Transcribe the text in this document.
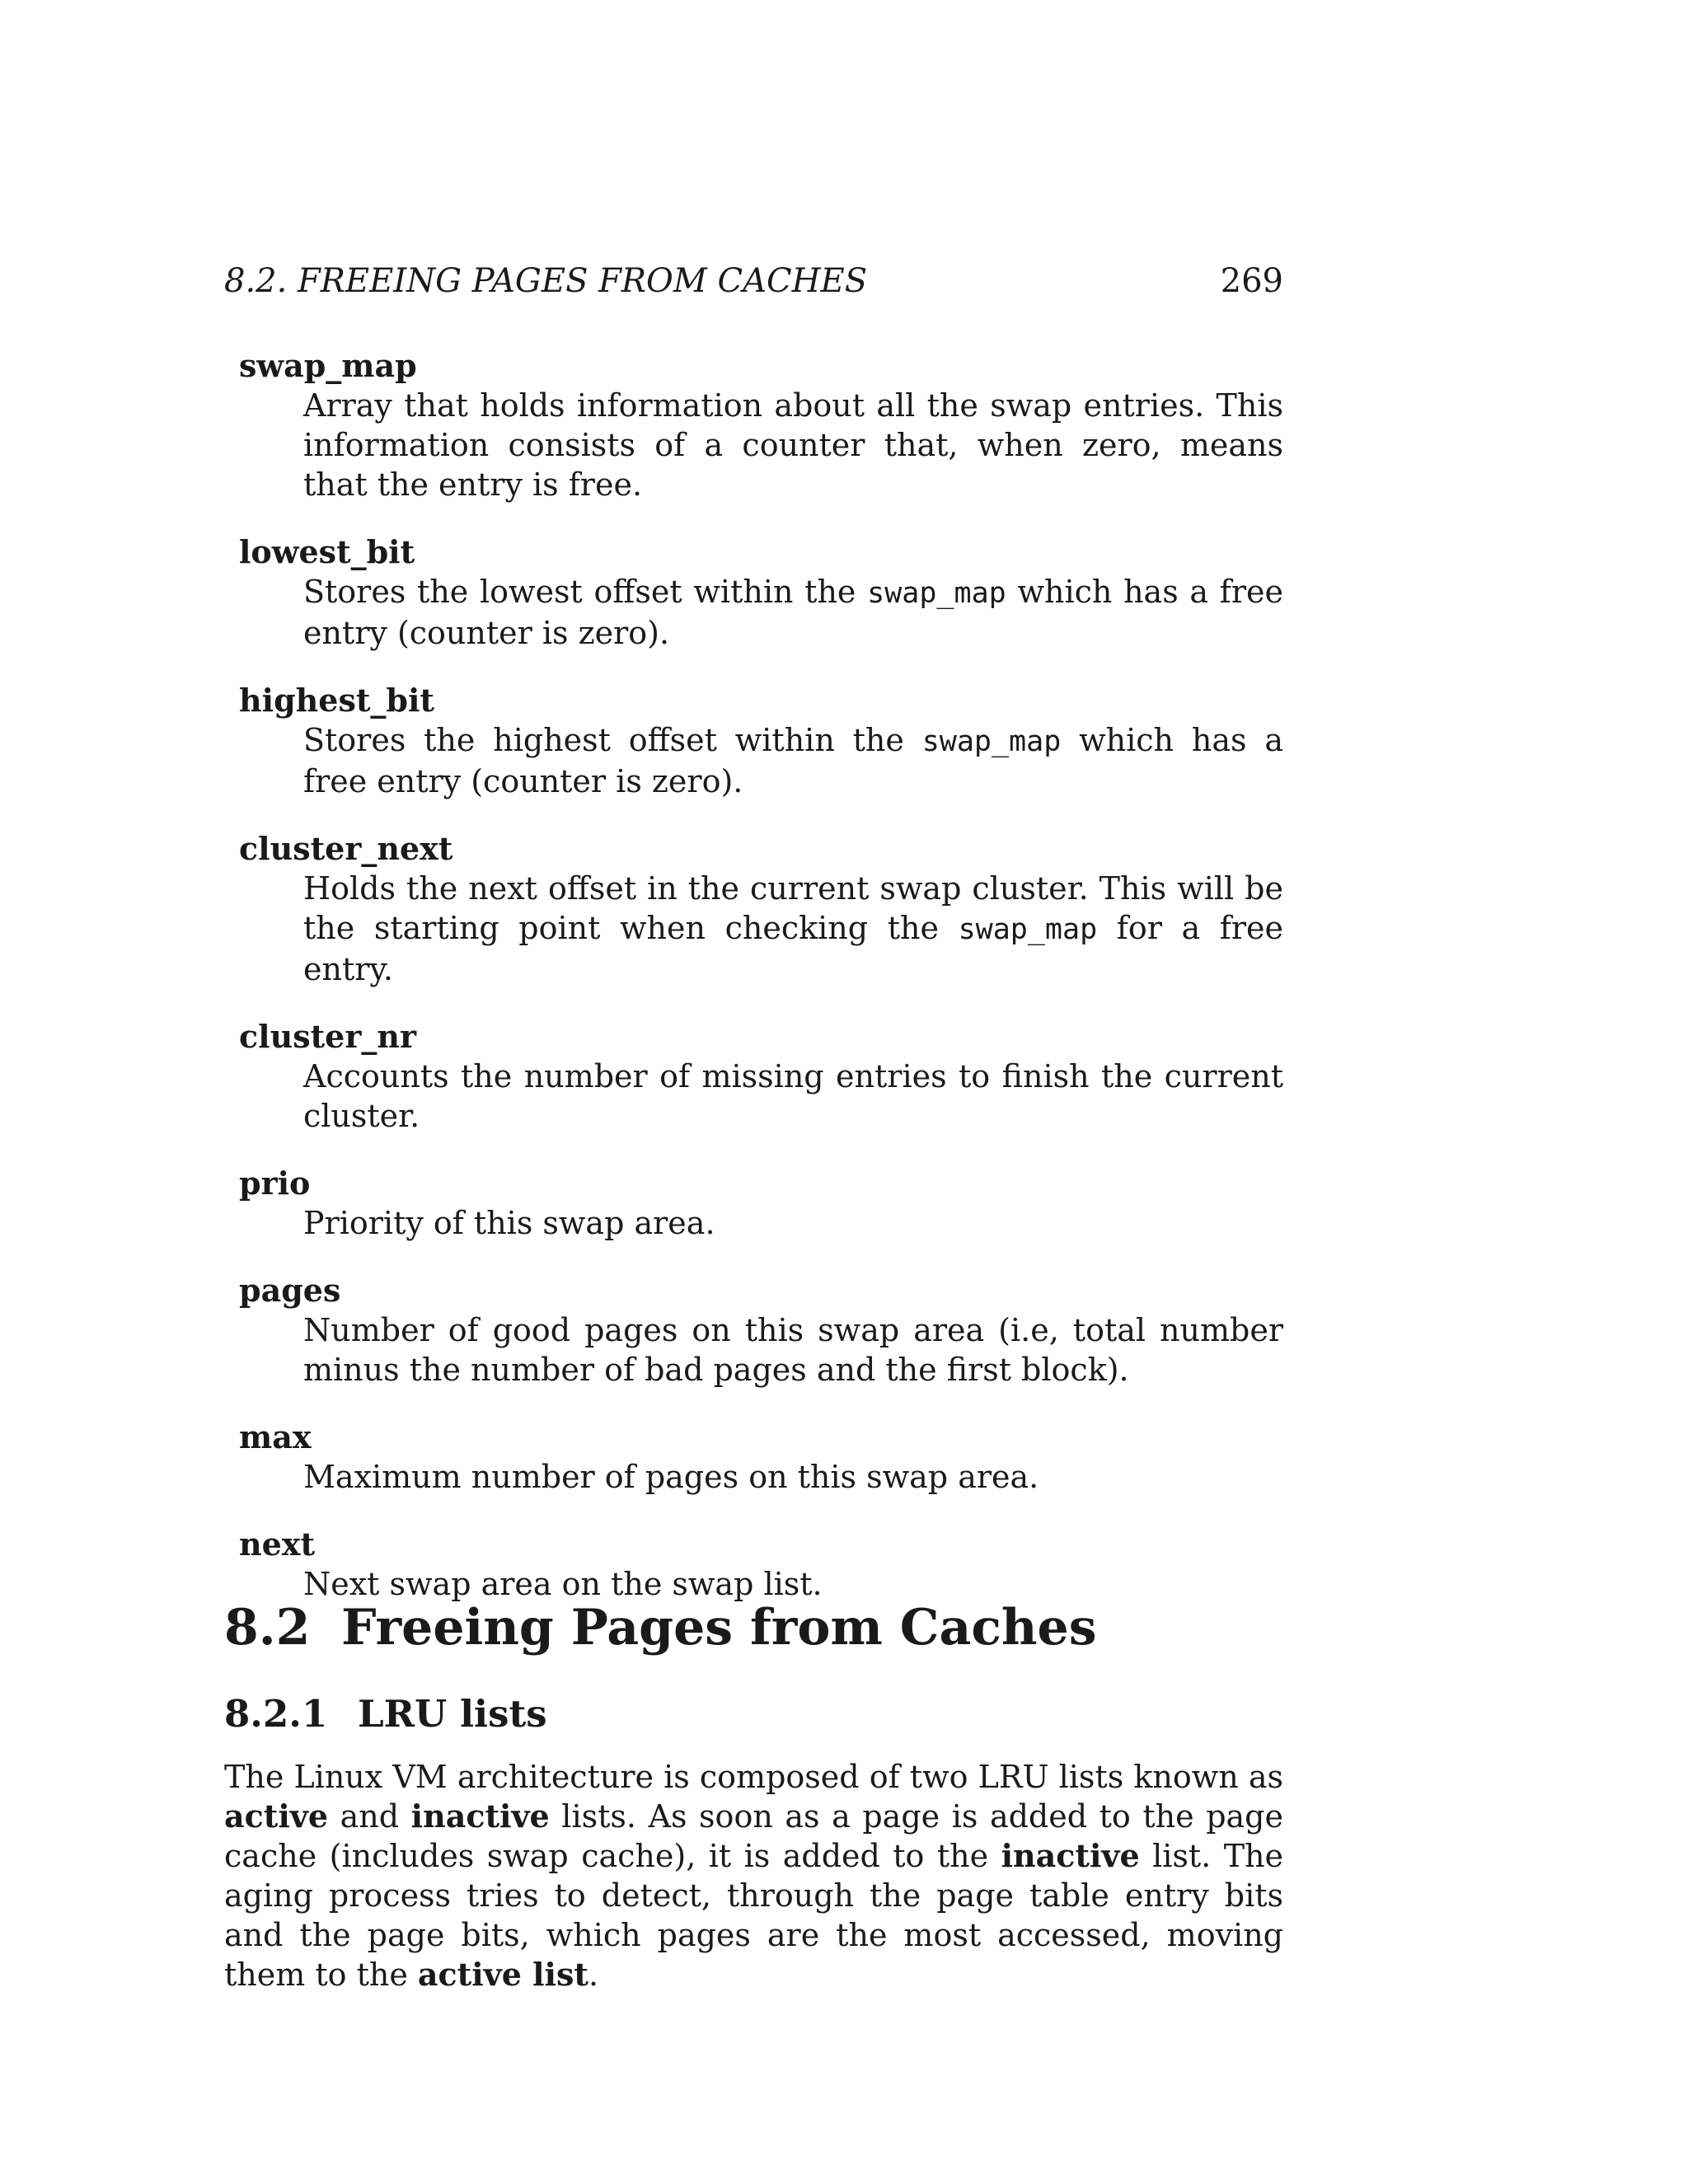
8.2. FREEING PAGES FROM CACHES	269
swap_map
Array that holds information about all the swap entries. This information consists of a counter that, when zero, means that the entry is free.
lowest_bit
Stores the lowest offset within the swap_map which has a free entry (counter is zero).
highest_bit
Stores the highest offset within the swap_map which has a free entry (counter is zero).
cluster_next
Holds the next offset in the current swap cluster. This will be the starting point when checking the swap_map for a free entry.
cluster_nr
Accounts the number of missing entries to finish the current cluster.
prio
Priority of this swap area.
pages
Number of good pages on this swap area (i.e, total number minus the number of bad pages and the first block).
max
Maximum number of pages on this swap area.
next
Next swap area on the swap list.
8.2 Freeing Pages from Caches
8.2.1 LRU lists

The Linux VM architecture is composed of two LRU lists known as active and inactive lists. As soon as a page is added to the page cache (includes swap cache), it is added to the inactive list. The aging process tries to detect, through the page table entry bits and the page bits, which pages are the most accessed, moving them to the active list.
